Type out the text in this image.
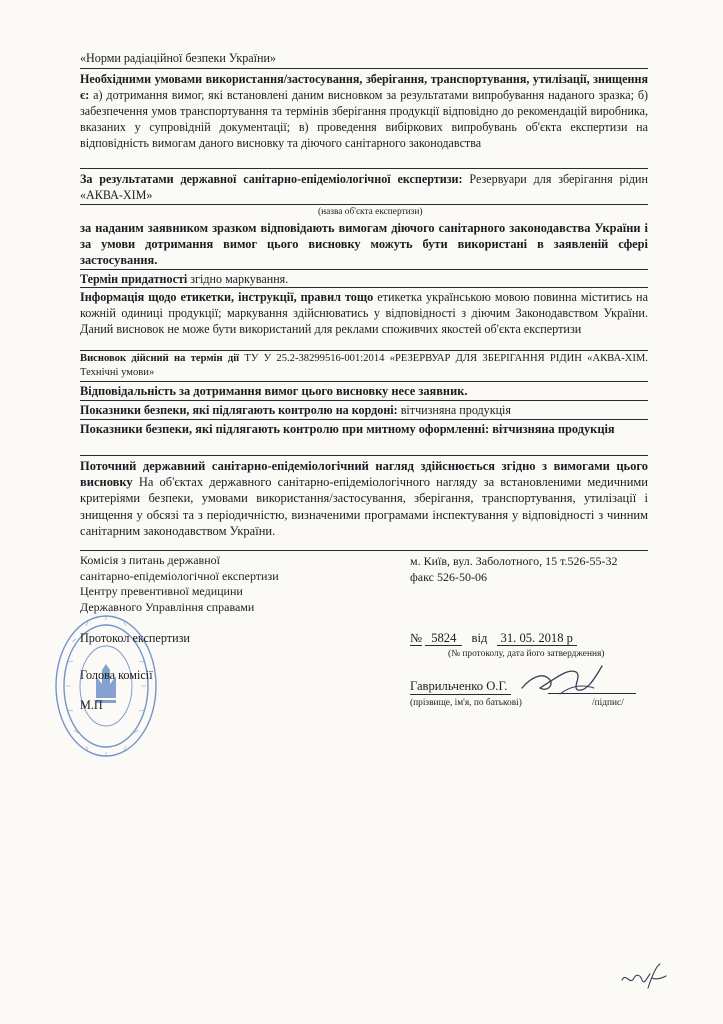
«Норми радіаційної безпеки України»

Необхідними умовами використання/застосування, зберігання, транспортування, утилізації, знищення є: а) дотримання вимог, які встановлені даним висновком за результатами випробування наданого зразка; б) забезпечення умов транспортування та термінів зберігання продукції відповідно до рекомендацій виробника, вказаних у супровідній документації; в) проведення вибіркових випробувань об'єкта експертизи на відповідність вимогам даного висновку та діючого санітарного законодавства

За результатами державної санітарно-епідеміологічної експертизи: Резервуари для зберігання рідин «АКВА-ХІМ»

(назва об'єкта експертизи)

за наданим заявником зразком відповідають вимогам діючого санітарного законодавства України і за умови дотримання вимог цього висновку можуть бути використані в заявленій сфері застосування.

Термін придатності згідно маркування.

Інформація щодо етикетки, інструкції, правил тощо етикетка українською мовою повинна міститись на кожній одиниці продукції; маркування здійснюватись у відповідності з діючим Законодавством України. Даний висновок не може бути використаний для реклами споживчих якостей об'єкта експертизи

Висновок дійсний на термін дії ТУ У 25.2-38299516-001:2014 «РЕЗЕРВУАР ДЛЯ ЗБЕРІГАННЯ РІДИН «АКВА-ХІМ. Технічні умови»

Відповідальність за дотримання вимог цього висновку несе заявник.

Показники безпеки, які підлягають контролю на кордоні: вітчизняна продукція

Показники безпеки, які підлягають контролю при митному оформленні: вітчизняна продукція

Поточний державний санітарно-епідеміологічний нагляд здійснюється згідно з вимогами цього висновку На об'єктах державного санітарно-епідеміологічного нагляду за встановленими медичними критеріями безпеки, умовами використання/застосування, зберігання, транспортування, утилізації і знищення у обсязі та з періодичністю, визначеними програмами інспектування у відповідності з чинним санітарним законодавством України.

Комісія з питань державної

санітарно-епідеміологічної експертизи

Центру превентивної медицини

Державного Управління справами

м. Київ, вул. Заболотного, 15 т.526-55-32

факс 526-50-06

Протокол експертизи	№ 5824 від 31. 05. 2018 р

(№ протоколу, дата його затвердження)

Голова комісії

Гаврильченко О.Г.

(прізвище, ім'я, по батькові)	/підпис/

М.П
